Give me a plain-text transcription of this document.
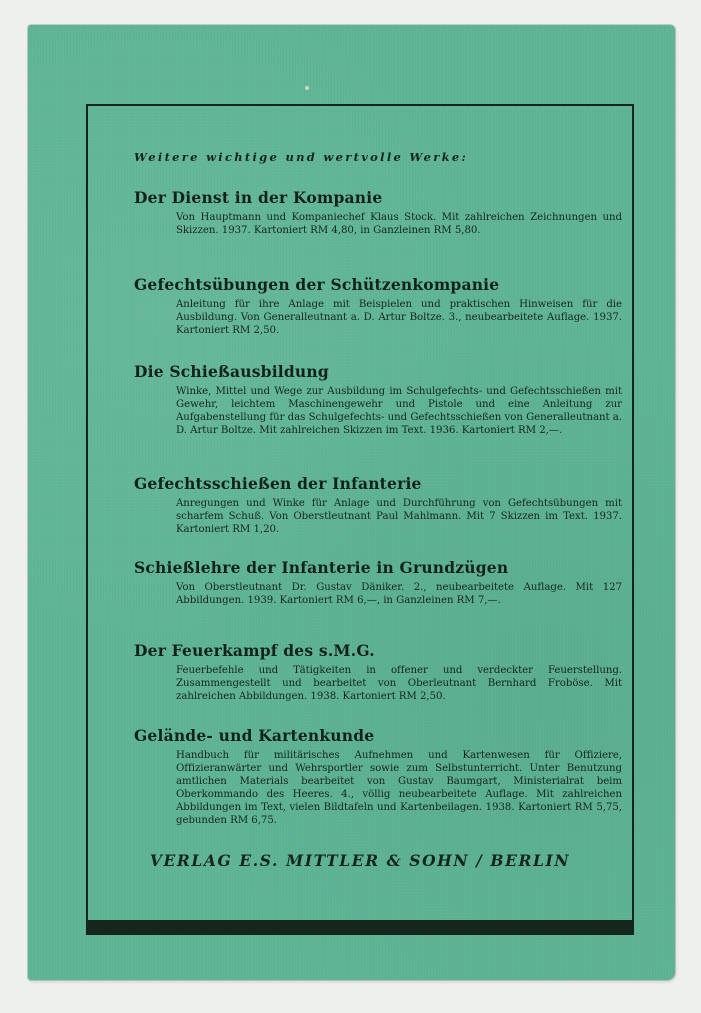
Weitere wichtige und wertvolle Werke:
Der Dienst in der Kompanie
Von Hauptmann und Kompaniechef Klaus Stock. Mit zahlreichen Zeichnungen und Skizzen. 1937. Kartoniert RM 4,80, in Ganzleinen RM 5,80.
Gefechtsübungen der Schützenkompanie
Anleitung für ihre Anlage mit Beispielen und praktischen Hinweisen für die Ausbildung. Von Generalleutnant a. D. Artur Boltze. 3., neubearbeitete Auflage. 1937. Kartoniert RM 2,50.
Die Schießausbildung
Winke, Mittel und Wege zur Ausbildung im Schulgefechts- und Gefechtsschießen mit Gewehr, leichtem Maschinengewehr und Pistole und eine Anleitung zur Aufgabenstellung für das Schulgefechts- und Gefechtsschießen von Generalleutnant a. D. Artur Boltze. Mit zahlreichen Skizzen im Text. 1936. Kartoniert RM 2,—.
Gefechtsschießen der Infanterie
Anregungen und Winke für Anlage und Durchführung von Gefechtsübungen mit scharfem Schuß. Von Oberstleutnant Paul Mahlmann. Mit 7 Skizzen im Text. 1937. Kartoniert RM 1,20.
Schießlehre der Infanterie in Grundzügen
Von Oberstleutnant Dr. Gustav Däniker. 2., neubearbeitete Auflage. Mit 127 Abbildungen. 1939. Kartoniert RM 6,—, in Ganzleinen RM 7,—.
Der Feuerkampf des s.M.G.
Feuerbefehle und Tätigkeiten in offener und verdeckter Feuerstellung. Zusammengestellt und bearbeitet von Oberleutnant Bernhard Froböse. Mit zahlreichen Abbildungen. 1938. Kartoniert RM 2,50.
Gelände- und Kartenkunde
Handbuch für militärisches Aufnehmen und Kartenwesen für Offiziere, Offizieranwärter und Wehrsportler sowie zum Selbstunterricht. Unter Benutzung amtlichen Materials bearbeitet von Gustav Baumgart, Ministerialrat beim Oberkommando des Heeres. 4., völlig neubearbeitete Auflage. Mit zahlreichen Abbildungen im Text, vielen Bildtafeln und Kartenbeilagen. 1938. Kartoniert RM 5,75, gebunden RM 6,75.
VERLAG E.S. MITTLER & SOHN / BERLIN
